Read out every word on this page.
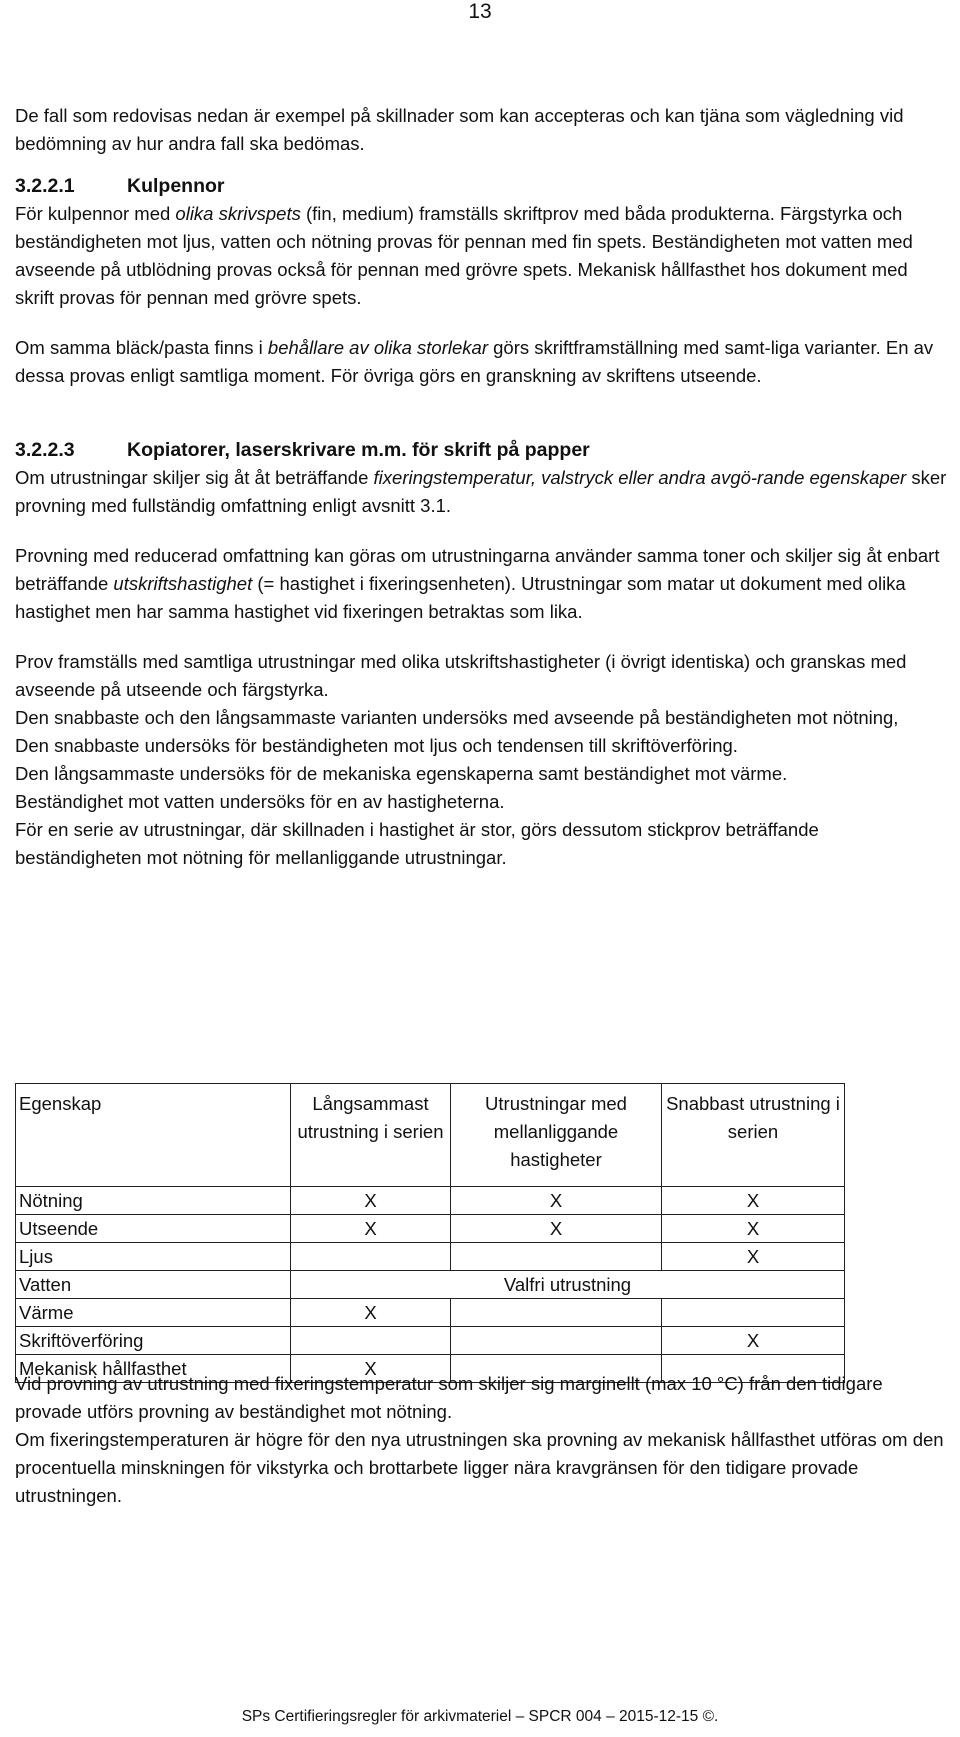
13

De fall som redovisas nedan är exempel på skillnader som kan accepteras och kan tjäna som vägledning vid bedömning av hur andra fall ska bedömas.

3.2.2.1	Kulpennor

För kulpennor med olika skrivspets (fin, medium) framställs skriftprov med båda produkterna. Färgstyrka och beständigheten mot ljus, vatten och nötning provas för pennan med fin spets. Beständigheten mot vatten med avseende på utblödning provas också för pennan med grövre spets. Mekanisk hållfasthet hos dokument med skrift provas för pennan med grövre spets.

Om samma bläck/pasta finns i behållare av olika storlekar görs skriftframställning med samt-liga varianter. En av dessa provas enligt samtliga moment. För övriga görs en granskning av skriftens utseende.

3.2.2.3	Kopiatorer, laserskrivare m.m. för skrift på papper

Om utrustningar skiljer sig åt åt beträffande fixeringstemperatur, valstryck eller andra avgö-rande egenskaper sker provning med fullständig omfattning enligt avsnitt 3.1.

Provning med reducerad omfattning kan göras om utrustningarna använder samma toner och skiljer sig åt enbart beträffande utskriftshastighet (= hastighet i fixeringsenheten). Utrustningar som matar ut dokument med olika hastighet men har samma hastighet vid fixeringen betraktas som lika.

Prov framställs med samtliga utrustningar med olika utskriftshastigheter (i övrigt identiska) och granskas med avseende på utseende och färgstyrka.

Den snabbaste och den långsammaste varianten undersöks med avseende på beständigheten mot nötning,

Den snabbaste undersöks för beständigheten mot ljus och tendensen till skriftöverföring.

Den långsammaste undersöks för de mekaniska egenskaperna samt beständighet mot värme.

Beständighet mot vatten undersöks för en av hastigheterna.

För en serie av utrustningar, där skillnaden i hastighet är stor, görs dessutom stickprov beträffande beständigheten mot nötning för mellanliggande utrustningar.

Egenskap	Långsammast utrustning i serien	Utrustningar med mellanliggande hastigheter	Snabbast utrustning i serien
Nötning	X	X	X
Utseende	X	X	X
Ljus			X
Vatten	Valfri utrustning		
Värme	X		
Skriftöverföring			X
Mekanisk hållfasthet	X		

Vid provning av utrustning med fixeringstemperatur som skiljer sig marginellt (max 10 °C) från den tidigare provade utförs provning av beständighet mot nötning.

Om fixeringstemperaturen är högre för den nya utrustningen ska provning av mekanisk hållfasthet utföras om den procentuella minskningen för vikstyrka och brottarbete ligger nära kravgränsen för den tidigare provade utrustningen.

SPs Certifieringsregler för arkivmateriel – SPCR 004 – 2015-12-15 ©.
